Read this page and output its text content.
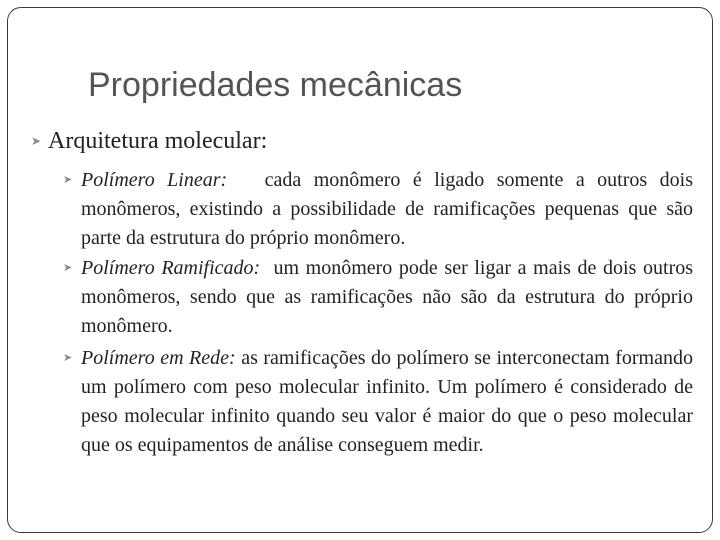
Propriedades mecânicas
➤ Arquitetura molecular:
➤ Polímero Linear: cada monômero é ligado somente a outros dois monômeros, existindo a possibilidade de ramificações pequenas que são parte da estrutura do próprio monômero.
➤ Polímero Ramificado: um monômero pode ser ligar a mais de dois outros monômeros, sendo que as ramificações não são da estrutura do próprio monômero.
➤ Polímero em Rede: as ramificações do polímero se interconectam formando um polímero com peso molecular infinito. Um polímero é considerado de peso molecular infinito quando seu valor é maior do que o peso molecular que os equipamentos de análise conseguem medir.
